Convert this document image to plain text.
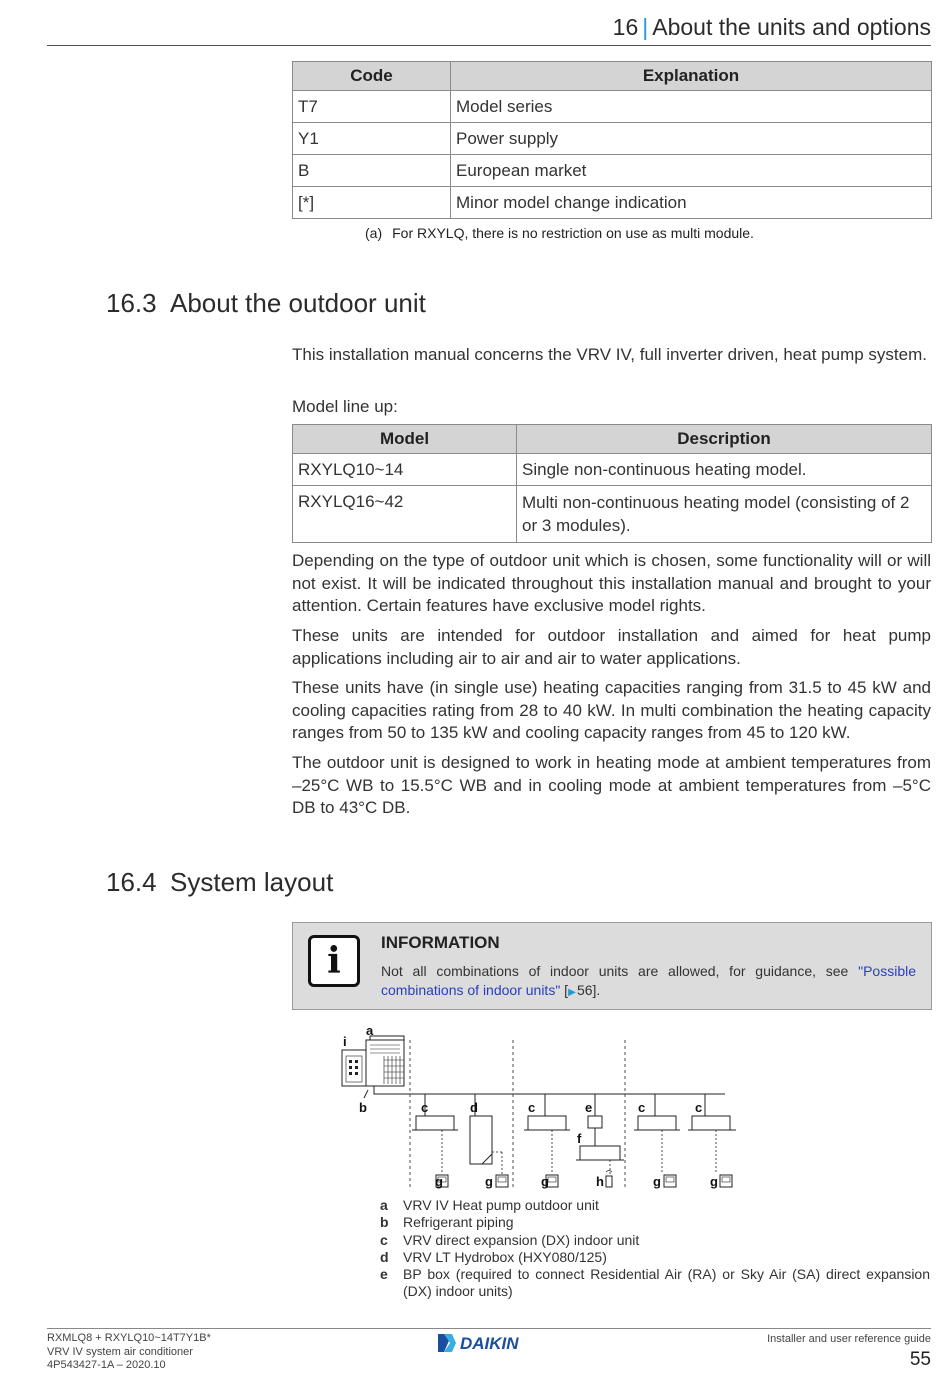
16 | About the units and options
Code	Explanation
T7	Model series
Y1	Power supply
B	European market
[*]	Minor model change indication
(a) For RXYLQ, there is no restriction on use as multi module.
16.3 About the outdoor unit

This installation manual concerns the VRV IV, full inverter driven, heat pump system.

Model line up:

Model	Description
RXYLQ10~14	Single non-continuous heating model.
RXYLQ16~42	Multi non-continuous heating model (consisting of 2 or 3 modules).

Depending on the type of outdoor unit which is chosen, some functionality will or will not exist. It will be indicated throughout this installation manual and brought to your attention. Certain features have exclusive model rights.

These units are intended for outdoor installation and aimed for heat pump applications including air to air and air to water applications.

These units have (in single use) heating capacities ranging from 31.5 to 45 kW and cooling capacities rating from 28 to 40 kW. In multi combination the heating capacity ranges from 50 to 135 kW and cooling capacity ranges from 45 to 120 kW.

The outdoor unit is designed to work in heating mode at ambient temperatures from –25°C WB to 15.5°C WB and in cooling mode at ambient temperatures from –5°C DB to 43°C DB.

16.4 System layout
i	INFORMATION
Not all combinations of indoor units are allowed, for guidance, see "Possible combinations of indoor units" [▶ 56].
a
i
b	c	d	c	e
f
c	c
g	g	g	h	g	g
a	VRV IV Heat pump outdoor unit
b	Refrigerant piping
c	VRV direct expansion (DX) indoor unit
d	VRV LT Hydrobox (HXY080/125)
e	BP box (required to connect Residential Air (RA) or Sky Air (SA) direct expansion (DX) indoor units)
RXMLQ8 + RXYLQ10~14T7Y1B*
VRV IV system air conditioner
4P543427-1A – 2020.10
DAIKIN	Installer and user reference guide
55
